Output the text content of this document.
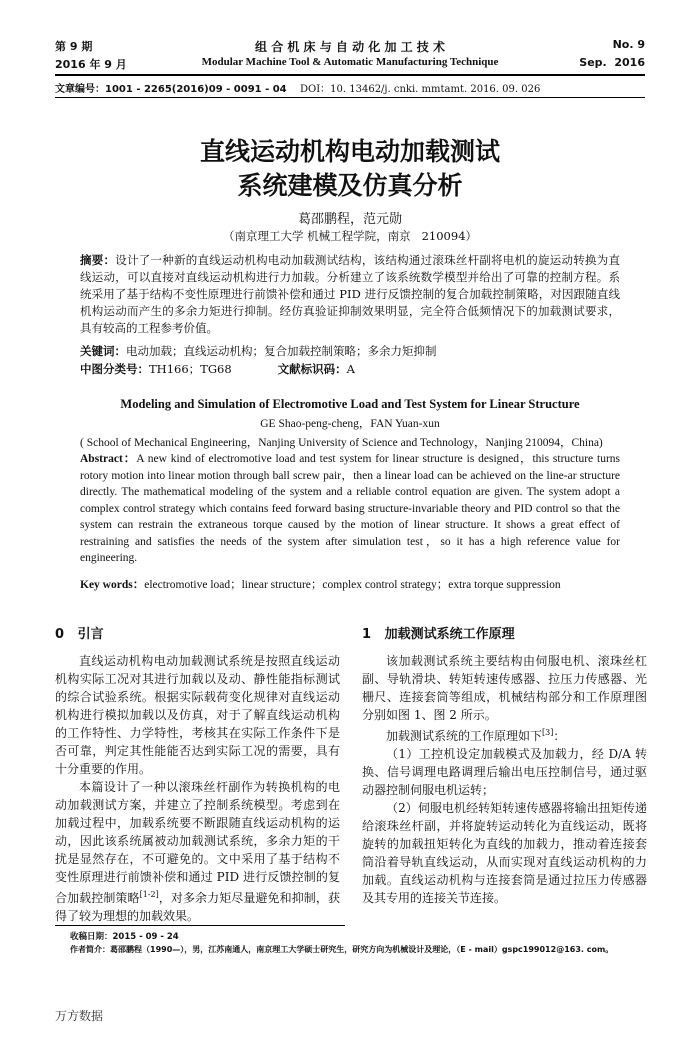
第 9 期
2016 年 9 月
组 合 机 床 与 自 动 化 加 工 技 术
Modular Machine Tool & Automatic Manufacturing Technique
No. 9
Sep.  2016
文章编号：1001 - 2265(2016)09 - 0091 - 04 DOI：10. 13462/j. cnki. mmtamt. 2016. 09. 026
直线运动机构电动加载测试
系统建模及仿真分析
葛邵鹏程，范元勋
（南京理工大学 机械工程学院，南京   210094）
摘要：设计了一种新的直线运动机构电动加载测试结构，该结构通过滚珠丝杆副将电机的旋运动转换为直线运动，可以直接对直线运动机构进行力加载。分析建立了该系统数学模型并给出了可靠的控制方程。系统采用了基于结构不变性原理进行前馈补偿和通过 PID 进行反馈控制的复合加载控制策略，对因跟随直线机构运动而产生的多余力矩进行抑制。经仿真验证抑制效果明显，完全符合低频情况下的加载测试要求，具有较高的工程参考价值。
关键词：电动加载；直线运动机构；复合加载控制策略；多余力矩抑制
中图分类号：TH166；TG68	文献标识码：A
Modeling and Simulation of Electromotive Load and Test System for Linear Structure
GE Shao-peng-cheng，FAN Yuan-xun
( School of Mechanical Engineering，Nanjing University of Science and Technology，Nanjing 210094，China)
Abstract：A new kind of electromotive load and test system for linear structure is designed，this structure turns rotory motion into linear motion through ball screw pair，then a linear load can be achieved on the line-ar structure directly. The mathematical modeling of the system and a reliable control equation are given. The system adopt a complex control strategy which contains feed forward basing structure-invariable theory and PID control so that the system can restrain the extraneous torque caused by the motion of linear structure. It shows a great effect of restraining and satisfies the needs of the system after simulation test，so it has a high reference value for engineering.
Key words：electromotive load；linear structure；complex control strategy；extra torque suppression
0   引言

直线运动机构电动加载测试系统是按照直线运动机构实际工况对其进行加载以及动、静性能指标测试的综合试验系统。根据实际载荷变化规律对直线运动机构进行模拟加载以及仿真，对于了解直线运动机构的工作特性、力学特性，考核其在实际工作条件下是否可靠，判定其性能能否达到实际工况的需要，具有十分重要的作用。

本篇设计了一种以滚珠丝杆副作为转换机构的电动加载测试方案，并建立了控制系统模型。考虑到在加载过程中，加载系统要不断跟随直线运动机构的运动，因此该系统属被动加载测试系统，多余力矩的干扰是显然存在，不可避免的。文中采用了基于结构不变性原理进行前馈补偿和通过 PID 进行反馈控制的复合加载控制策略[1-2]，对多余力矩尽量避免和抑制，获得了较为理想的加载效果。

1   加载测试系统工作原理

该加载测试系统主要结构由伺服电机、滚珠丝杠副、导轨滑块、转矩转速传感器、拉压力传感器、光栅尺、连接套筒等组成，机械结构部分和工作原理图分别如图 1、图 2 所示。

加载测试系统的工作原理如下[3]：

（1）工控机设定加载模式及加载力，经 D/A 转换、信号调理电路调理后输出电压控制信号，通过驱动器控制伺服电机运转；

（2）伺服电机经转矩转速传感器将输出扭矩传递给滚珠丝杆副，并将旋转运动转化为直线运动，既将旋转的加载扭矩转化为直线的加载力，推动着连接套筒沿着导轨直线运动，从而实现对直线运动机构的力加载。直线运动机构与连接套筒是通过拉压力传感器及其专用的连接关节连接。

收稿日期：2015 - 09 - 24
作者简介：葛邵鹏程（1990—），男，江苏南通人，南京理工大学硕士研究生，研究方向为机械设计及理论，（E - mail）gspc199012@163. com。
万方数据
